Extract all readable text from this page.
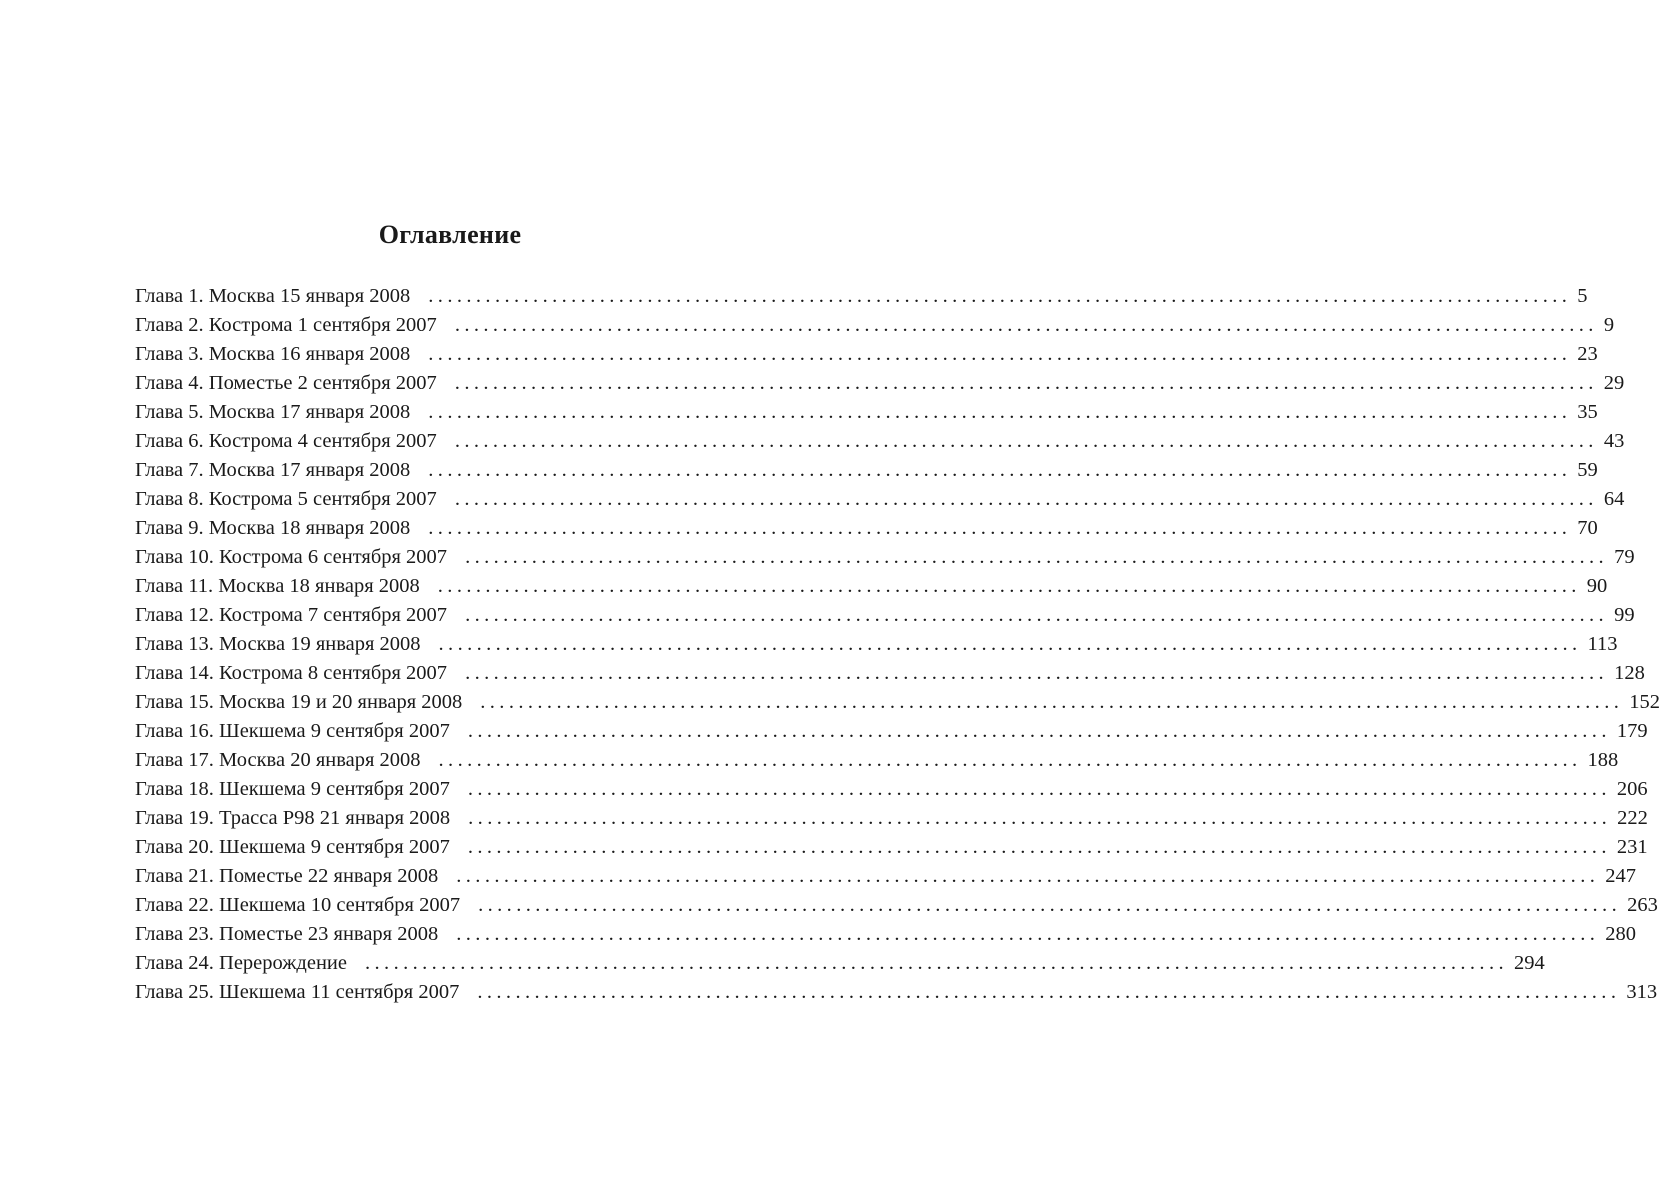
Оглавление
Глава 1. Москва 15 января 2008 ........................................................................................................................ 5
Глава 2. Кострома 1 сентября 2007 ........................................................................................................................ 9
Глава 3. Москва 16 января 2008 ........................................................................................................................ 23
Глава 4. Поместье 2 сентября 2007 ........................................................................................................................ 29
Глава 5. Москва 17 января 2008 ........................................................................................................................ 35
Глава 6. Кострома 4 сентября 2007 ........................................................................................................................ 43
Глава 7. Москва 17 января 2008 ........................................................................................................................ 59
Глава 8. Кострома 5 сентября 2007 ........................................................................................................................ 64
Глава 9. Москва 18 января 2008 ........................................................................................................................ 70
Глава 10. Кострома 6 сентября 2007 ........................................................................................................................ 79
Глава 11. Москва 18 января 2008 ........................................................................................................................ 90
Глава 12. Кострома 7 сентября 2007 ........................................................................................................................ 99
Глава 13. Москва 19 января 2008 ........................................................................................................................ 113
Глава 14. Кострома 8 сентября 2007 ........................................................................................................................ 128
Глава 15. Москва 19 и 20 января 2008 ........................................................................................................................ 152
Глава 16. Шекшема 9 сентября 2007 ........................................................................................................................ 179
Глава 17. Москва 20 января 2008 ........................................................................................................................ 188
Глава 18. Шекшема 9 сентября 2007 ........................................................................................................................ 206
Глава 19. Трасса Р98 21 января 2008 ........................................................................................................................ 222
Глава 20. Шекшема 9 сентября 2007 ........................................................................................................................ 231
Глава 21. Поместье 22 января 2008 ........................................................................................................................ 247
Глава 22. Шекшема 10 сентября 2007 ........................................................................................................................ 263
Глава 23. Поместье 23 января 2008 ........................................................................................................................ 280
Глава 24. Перерождение ........................................................................................................................ 294
Глава 25. Шекшема 11 сентября 2007 ........................................................................................................................ 313
